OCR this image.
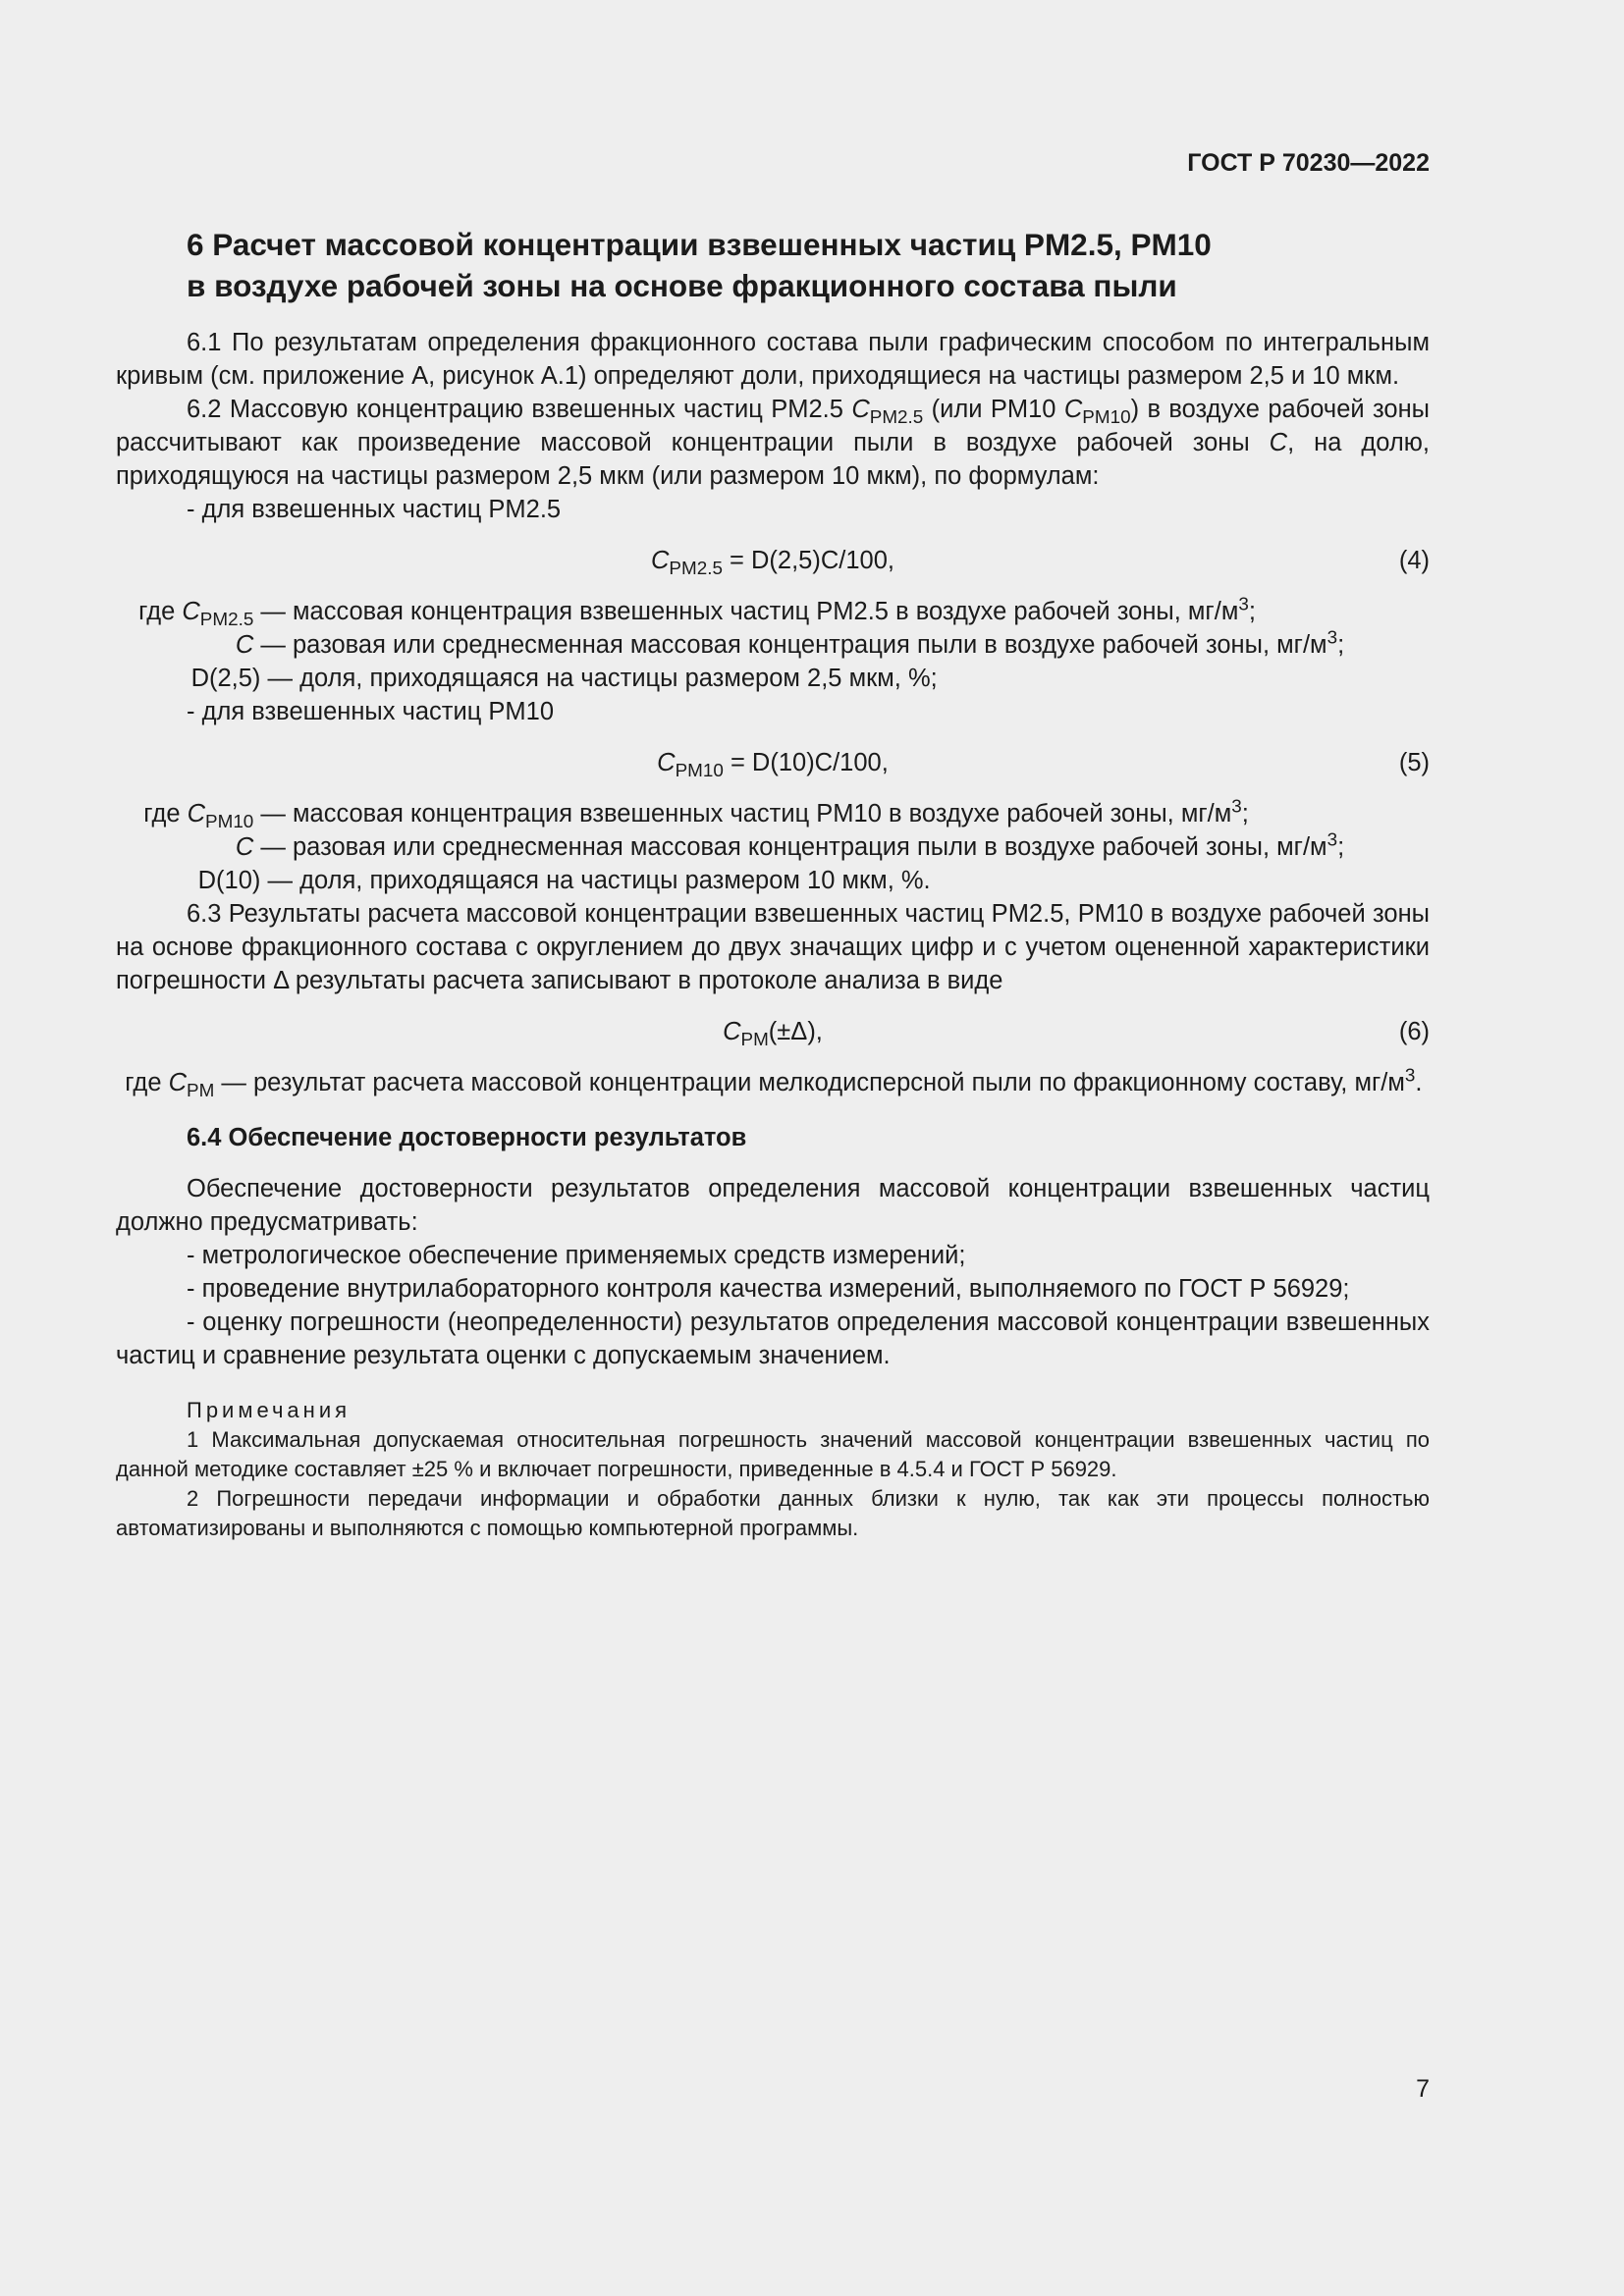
ГОСТ Р 70230—2022
6 Расчет массовой концентрации взвешенных частиц PM2.5, PM10
в воздухе рабочей зоны на основе фракционного состава пыли

6.1 По результатам определения фракционного состава пыли графическим способом по интегральным кривым (см. приложение А, рисунок А.1) определяют доли, приходящиеся на частицы размером 2,5 и 10 мкм.

6.2 Массовую концентрацию взвешенных частиц PM2.5 $C_{PM2.5}$ (или PM10 $C_{PM10}$) в воздухе рабочей зоны рассчитывают как произведение массовой концентрации пыли в воздухе рабочей зоны C, на долю, приходящуюся на частицы размером 2,5 мкм (или размером 10 мкм), по формулам:

- для взвешенных частиц PM2.5

$C_{PM2.5} = D(2,5)C/100$,	(4)
где $C_{PM2.5}$ — массовая концентрация взвешенных частиц PM2.5 в воздухе рабочей зоны, $мг/м^3$;
C — разовая или среднесменная массовая концентрация пыли в воздухе рабочей зоны, $мг/м^3$;
D(2,5) — доля, приходящаяся на частицы размером 2,5 мкм, %;

- для взвешенных частиц PM10

$C_{PM10} = D(10)C/100$,	(5)
где $C_{PM10}$ — массовая концентрация взвешенных частиц PM10 в воздухе рабочей зоны, $мг/м^3$;
C — разовая или среднесменная массовая концентрация пыли в воздухе рабочей зоны, $мг/м^3$;
D(10) — доля, приходящаяся на частицы размером 10 мкм, %.

6.3 Результаты расчета массовой концентрации взвешенных частиц PM2.5, PM10 в воздухе рабочей зоны на основе фракционного состава с округлением до двух значащих цифр и с учетом оцененной характеристики погрешности Δ результаты расчета записывают в протоколе анализа в виде

$C_{PM}(\pm\Delta)$,	(6)
где $C_{PM}$ — результат расчета массовой концентрации мелкодисперсной пыли по фракционному составу, $мг/м^3$.
6.4 Обеспечение достоверности результатов

Обеспечение достоверности результатов определения массовой концентрации взвешенных частиц должно предусматривать:

- метрологическое обеспечение применяемых средств измерений;

- проведение внутрилабораторного контроля качества измерений, выполняемого по ГОСТ Р 56929;

- оценку погрешности (неопределенности) результатов определения массовой концентрации взвешенных частиц и сравнение результата оценки с допускаемым значением.

Примечания

1 Максимальная допускаемая относительная погрешность значений массовой концентрации взвешенных частиц по данной методике составляет ±25 % и включает погрешности, приведенные в 4.5.4 и ГОСТ Р 56929.

2 Погрешности передачи информации и обработки данных близки к нулю, так как эти процессы полностью автоматизированы и выполняются с помощью компьютерной программы.

7
